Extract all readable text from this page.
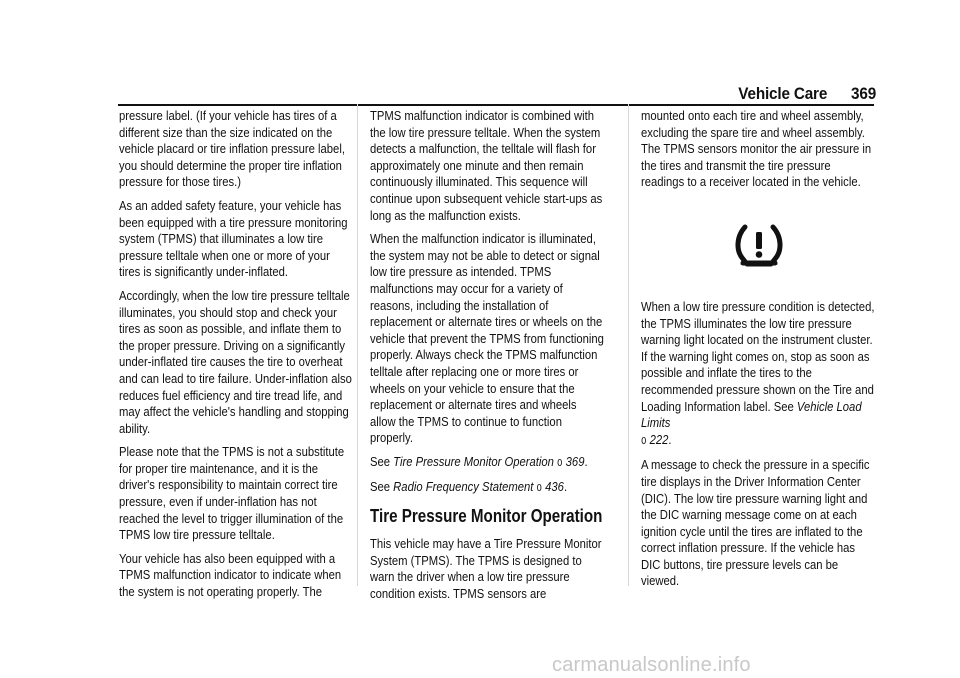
Vehicle Care 369

pressure label. (If your vehicle has tires of a different size than the size indicated on the vehicle placard or tire inflation pressure label, you should determine the proper tire inflation pressure for those tires.)

As an added safety feature, your vehicle has been equipped with a tire pressure monitoring system (TPMS) that illuminates a low tire pressure telltale when one or more of your tires is significantly under-inflated.

Accordingly, when the low tire pressure telltale illuminates, you should stop and check your tires as soon as possible, and inflate them to the proper pressure. Driving on a significantly under-inflated tire causes the tire to overheat and can lead to tire failure. Under-inflation also reduces fuel efficiency and tire tread life, and may affect the vehicle's handling and stopping ability.

Please note that the TPMS is not a substitute for proper tire maintenance, and it is the driver's responsibility to maintain correct tire pressure, even if under-inflation has not reached the level to trigger illumination of the TPMS low tire pressure telltale.

Your vehicle has also been equipped with a TPMS malfunction indicator to indicate when the system is not operating properly. The

TPMS malfunction indicator is combined with the low tire pressure telltale. When the system detects a malfunction, the telltale will flash for approximately one minute and then remain continuously illuminated. This sequence will continue upon subsequent vehicle start-ups as long as the malfunction exists.

When the malfunction indicator is illuminated, the system may not be able to detect or signal low tire pressure as intended. TPMS malfunctions may occur for a variety of reasons, including the installation of replacement or alternate tires or wheels on the vehicle that prevent the TPMS from functioning properly. Always check the TPMS malfunction telltale after replacing one or more tires or wheels on your vehicle to ensure that the replacement or alternate tires and wheels allow the TPMS to continue to function properly.

See Tire Pressure Monitor Operation 0 369.

See Radio Frequency Statement 0 436.

Tire Pressure Monitor Operation

This vehicle may have a Tire Pressure Monitor System (TPMS). The TPMS is designed to warn the driver when a low tire pressure condition exists. TPMS sensors are

mounted onto each tire and wheel assembly, excluding the spare tire and wheel assembly. The TPMS sensors monitor the air pressure in the tires and transmit the tire pressure readings to a receiver located in the vehicle.

When a low tire pressure condition is detected, the TPMS illuminates the low tire pressure warning light located on the instrument cluster. If the warning light comes on, stop as soon as possible and inflate the tires to the recommended pressure shown on the Tire and Loading Information label. See Vehicle Load Limits
0 222.

A message to check the pressure in a specific tire displays in the Driver Information Center (DIC). The low tire pressure warning light and the DIC warning message come on at each ignition cycle until the tires are inflated to the correct inflation pressure. If the vehicle has DIC buttons, tire pressure levels can be viewed.

carmanualsonline.info
